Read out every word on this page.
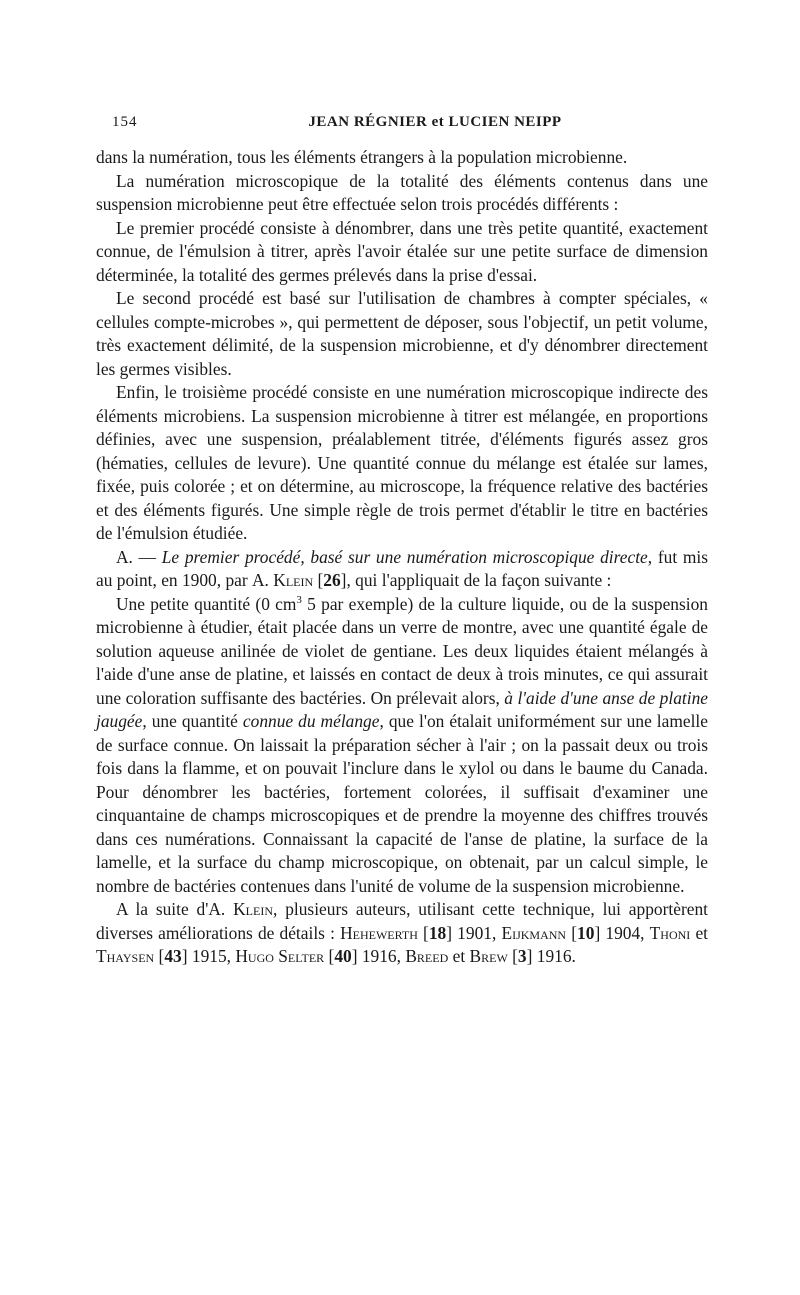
154	JEAN RÉGNIER et LUCIEN NEIPP

dans la numération, tous les éléments étrangers à la population microbienne.

La numération microscopique de la totalité des éléments contenus dans une suspension microbienne peut être effectuée selon trois procédés différents :

Le premier procédé consiste à dénombrer, dans une très petite quantité, exactement connue, de l'émulsion à titrer, après l'avoir étalée sur une petite surface de dimension déterminée, la totalité des germes prélevés dans la prise d'essai.

Le second procédé est basé sur l'utilisation de chambres à compter spéciales, « cellules compte-microbes », qui permettent de déposer, sous l'objectif, un petit volume, très exactement délimité, de la suspension microbienne, et d'y dénombrer directement les germes visibles.

Enfin, le troisième procédé consiste en une numération microscopique indirecte des éléments microbiens. La suspension microbienne à titrer est mélangée, en proportions définies, avec une suspension, préalablement titrée, d'éléments figurés assez gros (hématies, cellules de levure). Une quantité connue du mélange est étalée sur lames, fixée, puis colorée ; et on détermine, au microscope, la fréquence relative des bactéries et des éléments figurés. Une simple règle de trois permet d'établir le titre en bactéries de l'émulsion étudiée.

A. — Le premier procédé, basé sur une numération microscopique directe, fut mis au point, en 1900, par A. Klein [26], qui l'appliquait de la façon suivante :

Une petite quantité (0 $cm^3$ 5 par exemple) de la culture liquide, ou de la suspension microbienne à étudier, était placée dans un verre de montre, avec une quantité égale de solution aqueuse anilinée de violet de gentiane. Les deux liquides étaient mélangés à l'aide d'une anse de platine, et laissés en contact de deux à trois minutes, ce qui assurait une coloration suffisante des bactéries. On prélevait alors, à l'aide d'une anse de platine jaugée, une quantité connue du mélange, que l'on étalait uniformément sur une lamelle de surface connue. On laissait la préparation sécher à l'air ; on la passait deux ou trois fois dans la flamme, et on pouvait l'inclure dans le xylol ou dans le baume du Canada. Pour dénombrer les bactéries, fortement colorées, il suffisait d'examiner une cinquantaine de champs microscopiques et de prendre la moyenne des chiffres trouvés dans ces numérations. Connaissant la capacité de l'anse de platine, la surface de la lamelle, et la surface du champ microscopique, on obtenait, par un calcul simple, le nombre de bactéries contenues dans l'unité de volume de la suspension microbienne.

A la suite d'A. Klein, plusieurs auteurs, utilisant cette technique, lui apportèrent diverses améliorations de détails : Hehewerth [18] 1901, Eijkmann [10] 1904, Thoni et Thaysen [43] 1915, Hugo Selter [40] 1916, Breed et Brew [3] 1916.
